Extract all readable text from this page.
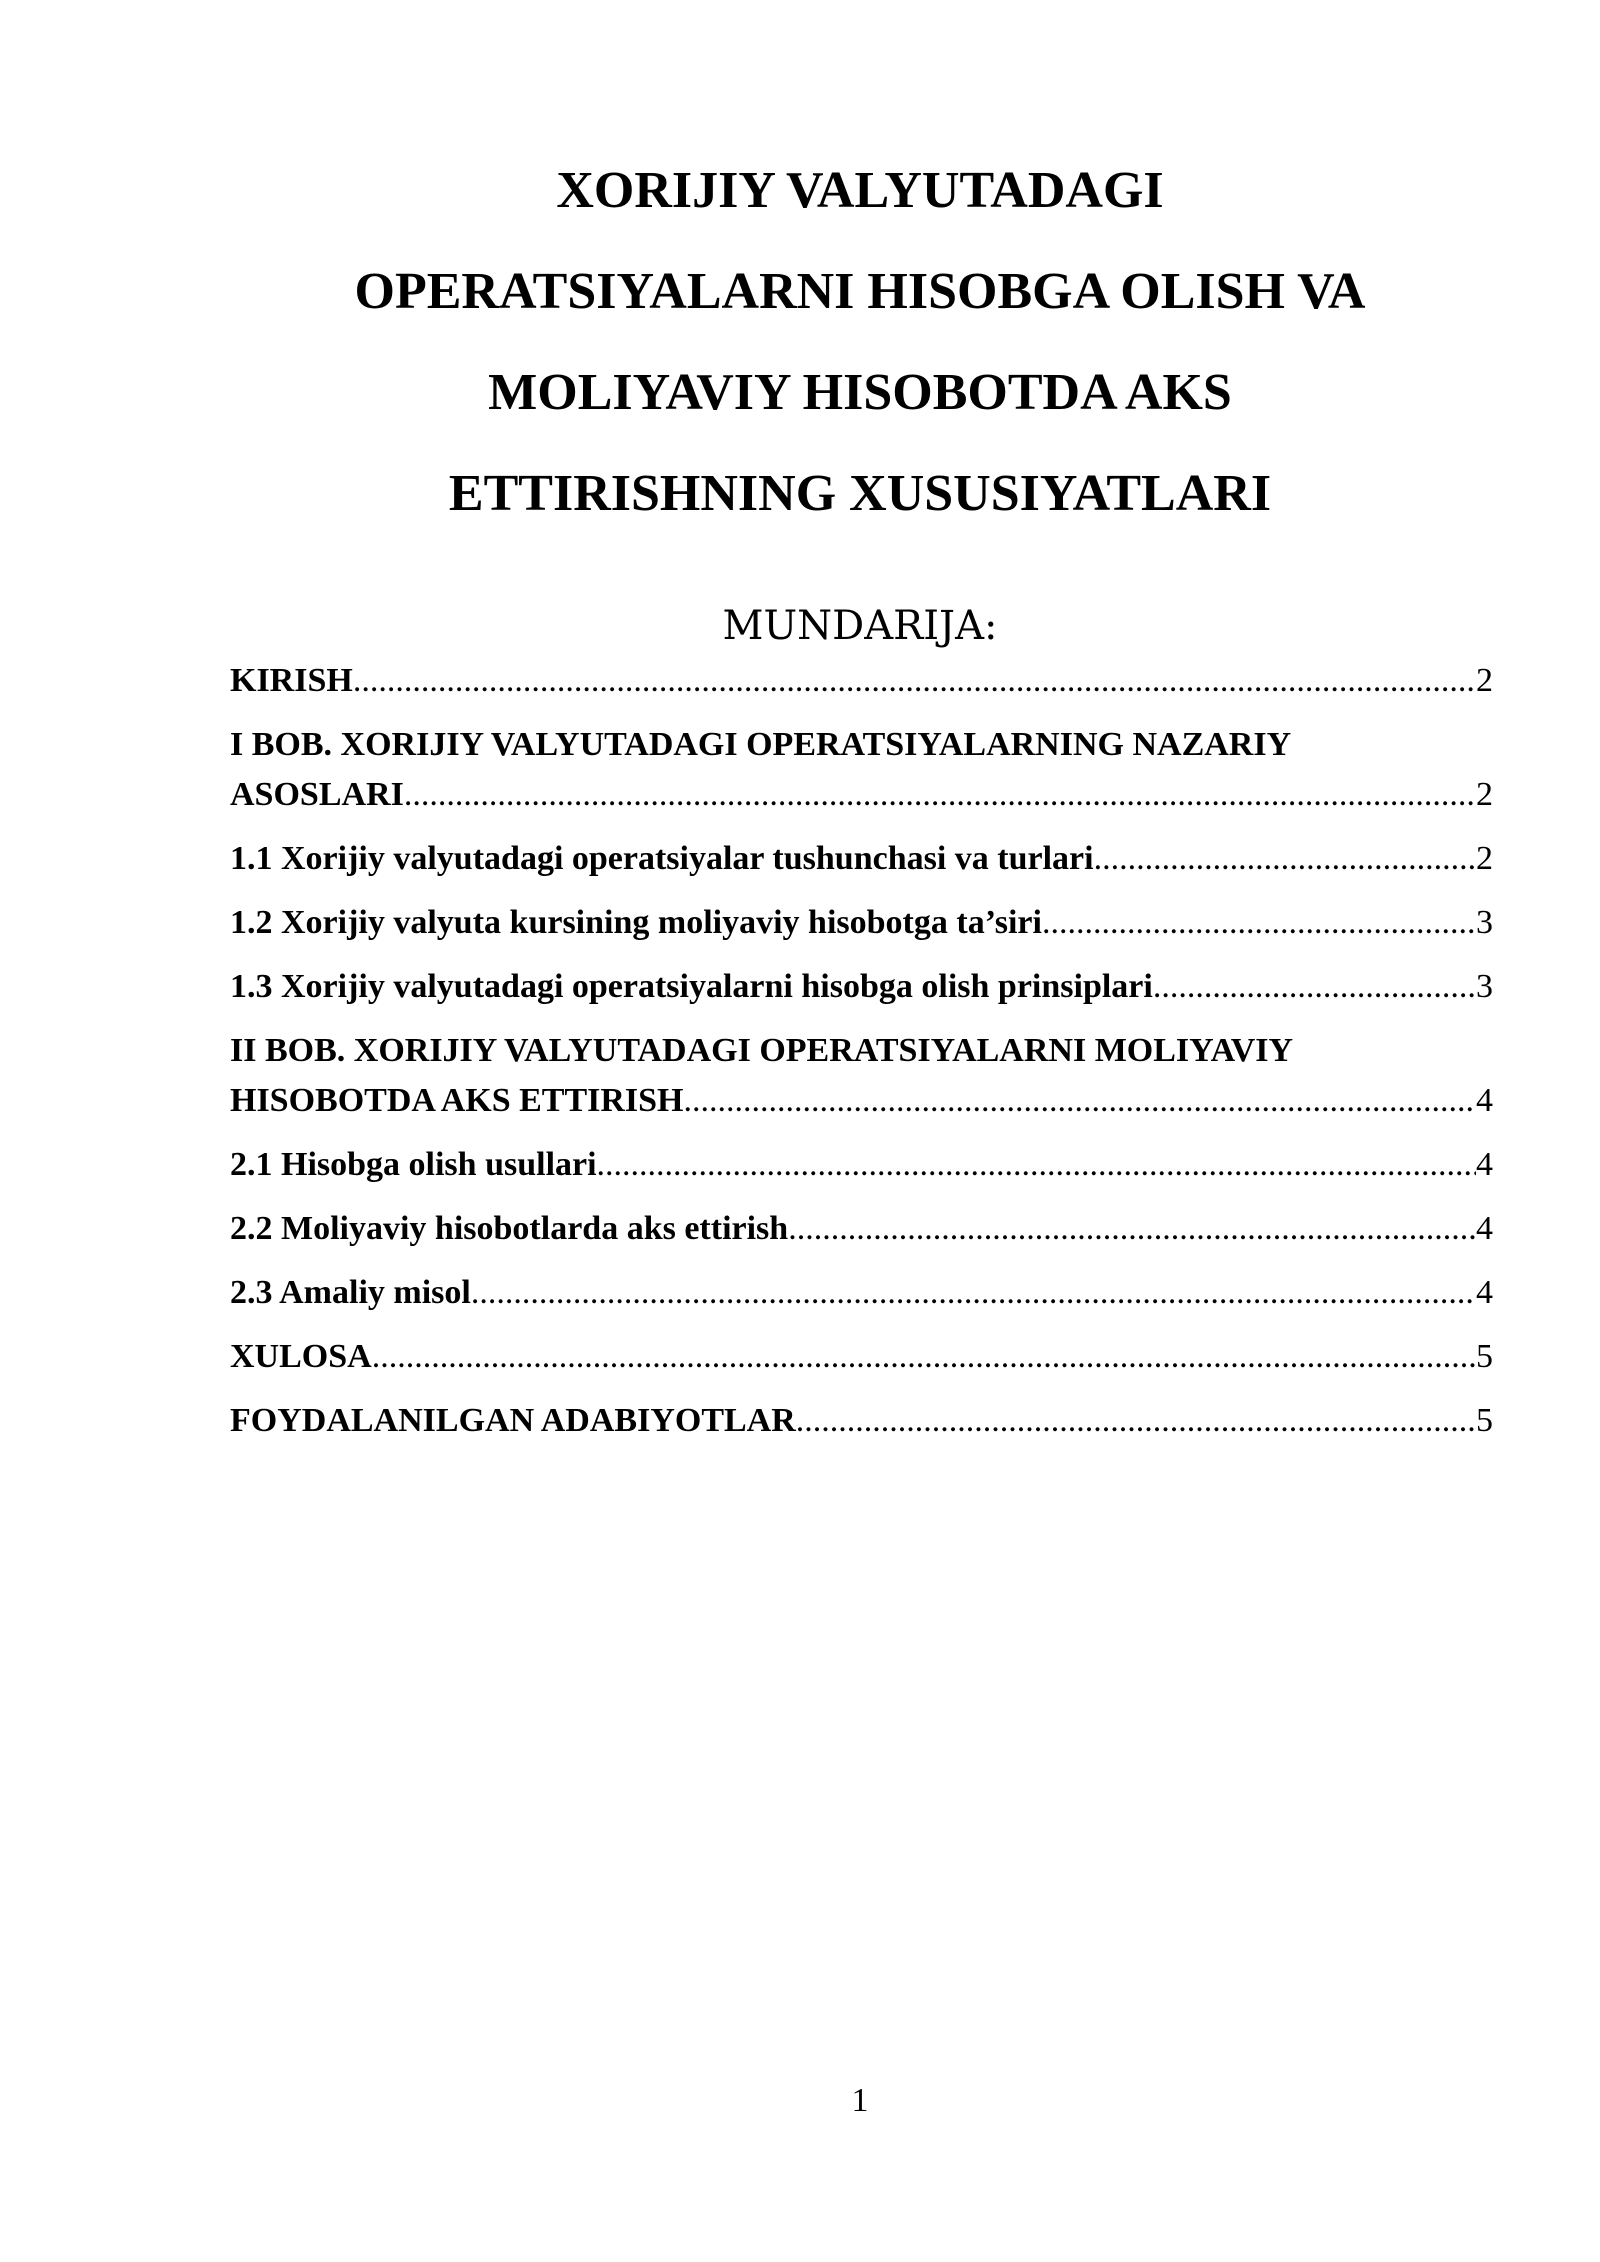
XORIJIY VALYUTADAGI
OPERATSIYALARNI HISOBGA OLISH VA
MOLIYAVIY HISOBOTDA AKS
ETTIRISHNING XUSUSIYATLARI
MUNDARIJA:
KIRISH .....	2
I BOB. XORIJIY VALYUTADAGI OPERATSIYALARNING NAZARIY
ASOSLARI .....	2
1.1 Xorijiy valyutadagi operatsiyalar tushunchasi va turlari .....	2
1.2 Xorijiy valyuta kursining moliyaviy hisobotga ta’siri .....	3
1.3 Xorijiy valyutadagi operatsiyalarni hisobga olish prinsiplari .....	3
II BOB. XORIJIY VALYUTADAGI OPERATSIYALARNI MOLIYAVIY
HISOBOTDA AKS ETTIRISH .....	4
2.1 Hisobga olish usullari .....	4
2.2 Moliyaviy hisobotlarda aks ettirish .....	4
2.3 Amaliy misol .....	4
XULOSA .....	5
FOYDALANILGAN ADABIYOTLAR .....	5
1
